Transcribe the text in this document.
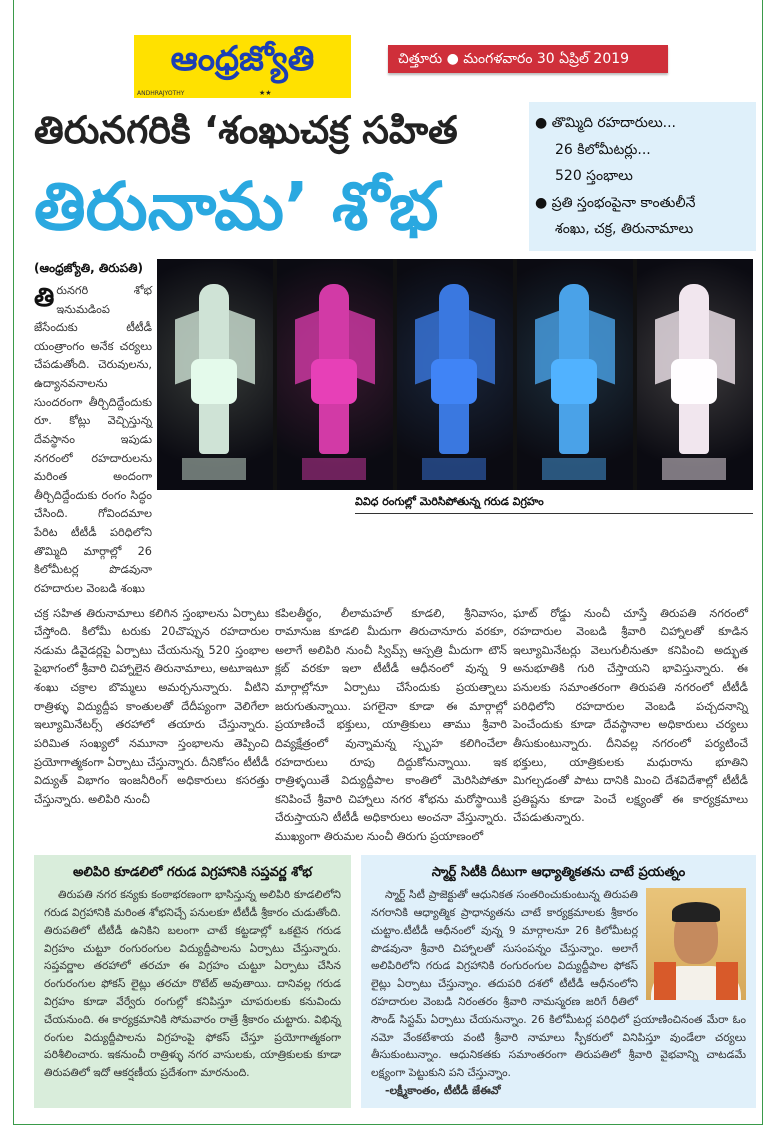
ఆంధ్రజ్యోతి
ANDHRAJYOTHY	★★
చిత్తూరు ● మంగళవారం 30 ఏప్రిల్ 2019
తిరునగరికి ‘శంఖుచక్ర సహిత
తిరునామ’ శోభ
● తొమ్మిది రహదారులు...
26 కిలోమీటర్లు...
520 స్తంభాలు
● ప్రతి స్తంభంపైనా కాంతులీనే
శంఖు, చక్ర, తిరునామాలు
(ఆంధ్రజ్యోతి, తిరుపతి)
తిరునగరి శోభ ఇనుమడింప జేసేందుకు టీటీడీ యంత్రాంగం అనేక చర్యలు చేపడుతోంది. చెరువులను, ఉద్యానవనాలను సుందరంగా తీర్చిదిద్దేందుకు రూ. కోట్లు వెచ్చిస్తున్న దేవస్థానం ఇపుడు నగరంలో రహదారులను మరింత అందంగా తీర్చిదిద్దేందుకు రంగం సిద్ధం చేసింది. గోవిందమాల పేరిట టీటీడీ పరిధిలోని తొమ్మిది మార్గాల్లో 26 కిలోమీటర్ల పొడవునా రహదారుల వెంబడి శంఖు
వివిధ రంగుల్లో మెరిసిపోతున్న గరుడ విగ్రహం
చక్ర సహిత తిరునామాలు కలిగిన స్తంభాలను ఏర్పాటు చేస్తోంది. కిలోమీ టరుకు 20చొప్పున రహదారుల నడుమ డివైడర్లపై ఏర్పాటు చేయనున్న 520 స్తంభాల పైభాగంలో శ్రీవారి చిహ్నాలైన తిరునామాలు, అటూఇటూ శంఖు చక్రాల బొమ్మలు అమర్చనున్నారు. వీటిని రాత్రిళ్ళు విద్యుద్దీప కాంతులతో దేదీప్యంగా వెలిగేలా ఇల్యూమినేటర్స్ తరహాలో తయారు చేస్తున్నారు. పరిమిత సంఖ్యలో నమూనా స్తంభాలను తెప్పించి ప్రయోగాత్మకంగా ఏర్పాటు చేస్తున్నారు. దీనికోసం టీటీడీ విద్యుత్ విభాగం ఇంజనీరింగ్ అధికారులు కసరత్తు చేస్తున్నారు. అలిపిరి నుంచీ
కపిలతీర్థం, లీలామహల్ కూడలి, శ్రీనివాసం, రామానుజ కూడలి మీదుగా తిరుచానూరు వరకూ, అలాగే అలిపిరి నుంచీ స్విమ్స్ ఆస్పత్రి మీదుగా టౌన్ క్లబ్ వరకూ ఇలా టీటీడీ ఆధీనంలో వున్న 9 మార్గాల్లోనూ ఏర్పాటు చేసేందుకు ప్రయత్నాలు జరుగుతున్నాయి. పగలైనా కూడా ఈ మార్గాల్లో ప్రయాణించే భక్తులు, యాత్రికులు తాము శ్రీవారి దివ్యక్షేత్రంలో వున్నామన్న స్పృహ కలిగించేలా రహదారులు రూపు దిద్దుకోనున్నాయి. ఇక రాత్రిళ్ళయితే విద్యుద్దీపాల కాంతిలో మెరిసిపోతూ కనిపించే శ్రీవారి చిహ్నాలు నగర శోభను మరోస్థాయికి చేరుస్తాయని టీటీడీ అధికారులు అంచనా వేస్తున్నారు. ముఖ్యంగా తిరుమల నుంచీ తిరుగు ప్రయాణంలో
ఘాట్ రోడ్డు నుంచీ చూస్తే తిరుపతి నగరంలో రహదారుల వెంబడి శ్రీవారి చిహ్నాలతో కూడిన ఇల్యూమినేటర్లు వెలుగులీనుతూ కనిపించి అద్భుత అనుభూతికి గురి చేస్తాయని భావిస్తున్నారు. ఈ పనులకు సమాంతరంగా తిరుపతి నగరంలో టీటీడీ పరిధిలోని రహదారుల వెంబడి పచ్చదనాన్ని పెంచేందుకు కూడా దేవస్థానాల అధికారులు చర్యలు తీసుకుంటున్నారు. దీనివల్ల నగరంలో పర్యటించే భక్తులు, యాత్రికులకు మధురాను భూతిని మిగల్చడంతో పాటు దానికి మించి దేశవిదేశాల్లో టీటీడీ ప్రతిష్టను కూడా పెంచే లక్ష్యంతో ఈ కార్యక్రమాలు చేపడుతున్నారు.
అలిపిరి కూడలిలో గరుడ విగ్రహానికి సప్తవర్ణ శోభ

తిరుపతి నగర కన్యకు కంఠాభరణంగా భాసిస్తున్న అలిపిరి కూడలిలోని గరుడ విగ్రహానికి మరింత శోభనిచ్చే పనులకూ టీటీడీ శ్రీకారం చుడుతోంది. తిరుపతిలో టీటీడీ ఉనికిని బలంగా చాటే కట్టడాల్లో ఒకటైన గరుడ విగ్రహం చుట్టూ రంగురంగుల విద్యుద్దీపాలను ఏర్పాటు చేస్తున్నారు. సప్తవర్ణాల తరహాలో తరచూ ఈ విగ్రహం చుట్టూ ఏర్పాటు చేసిన రంగురంగుల ఫోకస్ లైట్లు తరచూ రొటేట్ అవుతాయి. దానివల్ల గరుడ విగ్రహం కూడా వేర్వేరు రంగుల్లో కనిపిస్తూ చూపరులకు కనువిందు చేయనుంది. ఈ కార్యక్రమానికి సోమవారం రాత్రే శ్రీకారం చుట్టారు. విభిన్న రంగుల విద్యుద్దీపాలను విగ్రహంపై ఫోకస్ చేస్తూ ప్రయోగాత్మకంగా పరిశీలించారు. ఇకనుంచీ రాత్రిళ్ళు నగర వాసులకు, యాత్రికులకు కూడా తిరుపతిలో ఇదో ఆకర్షణీయ ప్రదేశంగా మారనుంది.

స్మార్ట్ సిటీకి దీటుగా ఆధ్యాత్మికతను చాటే ప్రయత్నం

స్మార్ట్ సిటీ ప్రాజెక్టుతో ఆధునికత సంతరించుకుంటున్న తిరుపతి నగరానికి ఆధ్యాత్మిక ప్రాధాన్యతను చాటే కార్యక్రమాలకు శ్రీకారం చుట్టాం.టీటీడీ ఆధీనంలో వున్న 9 మార్గాలనూ 26 కిలోమీటర్ల పొడవునా శ్రీవారి చిహ్నాలతో సుసంపన్నం చేస్తున్నాం. అలాగే అలిపిరిలోని గరుడ విగ్రహానికి రంగురంగుల విద్యుద్దీపాల ఫోకస్ లైట్లు ఏర్పాటు చేస్తున్నాం. తదుపరి దశలో టీటీడీ ఆధీనంలోని రహదారుల వెంబడి నిరంతరం శ్రీవారి నామస్మరణ జరిగే రీతిలో సౌండ్ సిస్టమ్ ఏర్పాటు చేయనున్నాం. 26 కిలోమీటర్ల పరిధిలో ప్రయాణించినంత మేరా ఓం నమో వేంకటేశాయ వంటి శ్రీవారి నామాలు స్పీకరులో వినిపిస్తూ వుండేలా చర్యలు తీసుకుంటున్నాం. ఆధునికతకు సమాంతరంగా తిరుపతిలో శ్రీవారి వైభవాన్ని చాటడమే లక్ష్యంగా పెట్టుకుని పని చేస్తున్నాం.

-లక్ష్మీకాంతం, టీటీడీ జేఈవో
